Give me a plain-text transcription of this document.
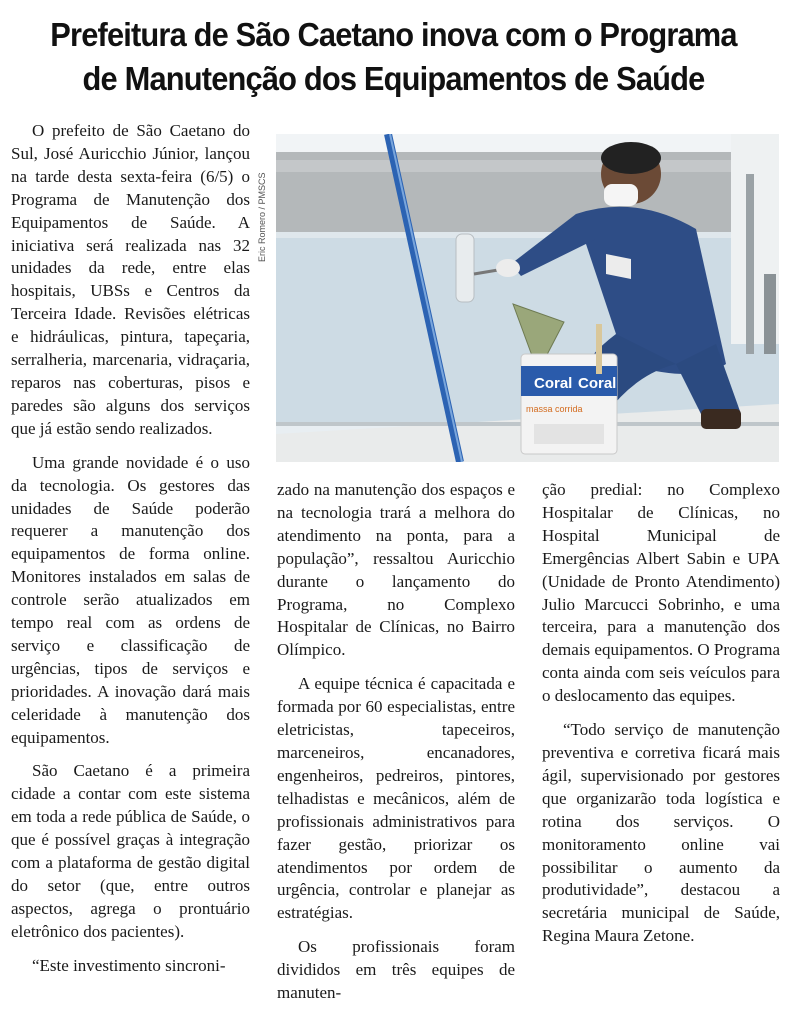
Prefeitura de São Caetano inova com o Programa
de Manutenção dos Equipamentos de Saúde
Eric Romero / PMSCS
Coral Coral
massa corrida

O prefeito de São Caetano do Sul, José Auricchio Júnior, lançou na tarde desta sexta-feira (6/5) o Programa de Manutenção dos Equipamentos de Saúde. A iniciativa será realizada nas 32 unidades da rede, entre elas hospitais, UBSs e Centros da Terceira Idade. Revisões elétricas e hidráulicas, pintura, tapeçaria, serralheria, marcenaria, vidraçaria, reparos nas coberturas, pisos e paredes são alguns dos serviços que já estão sendo realizados.

Uma grande novidade é o uso da tecnologia. Os gestores das unidades de Saúde poderão requerer a manutenção dos equipamentos de forma online. Monitores instalados em salas de controle serão atualizados em tempo real com as ordens de serviço e classificação de urgências, tipos de serviços e prioridades. A inovação dará mais celeridade à manutenção dos equipamentos.

São Caetano é a primeira cidade a contar com este sistema em toda a rede pública de Saúde, o que é possível graças à integração com a plataforma de gestão digital do setor (que, entre outros aspectos, agrega o prontuário eletrônico dos pacientes).

“Este investimento sincroni-

zado na manutenção dos espaços e na tecnologia trará a melhora do atendimento na ponta, para a população”, ressaltou Auricchio durante o lançamento do Programa, no Complexo Hospitalar de Clínicas, no Bairro Olímpico.

A equipe técnica é capacitada e formada por 60 especialistas, entre eletricistas, tapeceiros, marceneiros, encanadores, engenheiros, pedreiros, pintores, telhadistas e mecânicos, além de profissionais administrativos para fazer gestão, priorizar os atendimentos por ordem de urgência, controlar e planejar as estratégias.

Os profissionais foram divididos em três equipes de manuten-

ção predial: no Complexo Hospitalar de Clínicas, no Hospital Municipal de Emergências Albert Sabin e UPA (Unidade de Pronto Atendimento) Julio Marcucci Sobrinho, e uma terceira, para a manutenção dos demais equipamentos. O Programa conta ainda com seis veículos para o deslocamento das equipes.

“Todo serviço de manutenção preventiva e corretiva ficará mais ágil, supervisionado por gestores que organizarão toda logística e rotina dos serviços. O monitoramento online vai possibilitar o aumento da produtividade”, destacou a secretária municipal de Saúde, Regina Maura Zetone.
